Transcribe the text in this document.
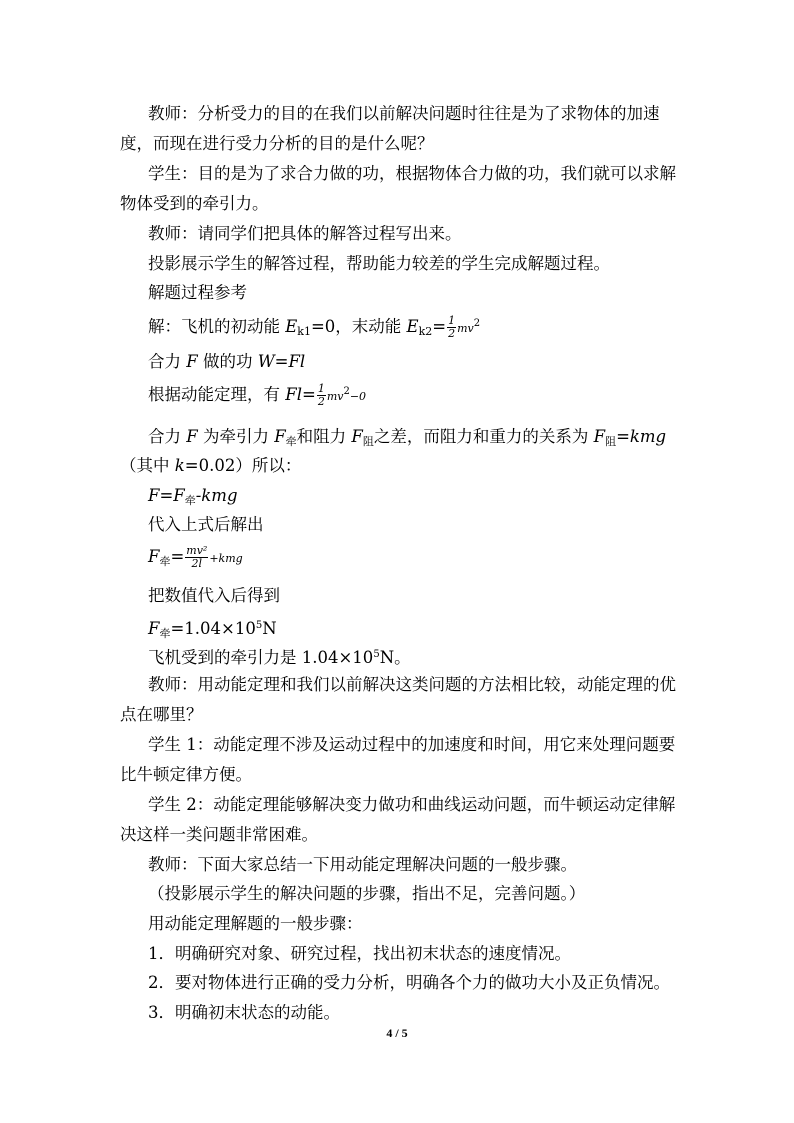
教师：分析受力的目的在我们以前解决问题时往往是为了求物体的加速
度，而现在进行受力分析的目的是什么呢？
学生：目的是为了求合力做的功，根据物体合力做的功，我们就可以求解
物体受到的牵引力。
教师：请同学们把具体的解答过程写出来。
投影展示学生的解答过程，帮助能力较差的学生完成解题过程。
解题过程参考
解：飞机的初动能 $E_{k1}=0$，末动能 $E_{k2}= \frac{1}{2} mv^2$
合力 F 做的功 W=Fl
根据动能定理，有 $Fl= \frac{1}{2} mv^2-0$
合力 F 为牵引力 $F_牵$和阻力 $F_阻$之差，而阻力和重力的关系为 $F_阻=kmg$
（其中 k=0.02）所以：
$F=F_牵$-kmg
代入上式后解出
$F_牵= \frac{\text{mv²}}{2l} +kmg$
把数值代入后得到
$F_牵=1.04\times 10^5N$
飞机受到的牵引力是 $1.04\times 10^5N$。
教师：用动能定理和我们以前解决这类问题的方法相比较，动能定理的优
点在哪里？
学生 1：动能定理不涉及运动过程中的加速度和时间，用它来处理问题要
比牛顿定律方便。
学生 2：动能定理能够解决变力做功和曲线运动问题，而牛顿运动定律解
决这样一类问题非常困难。
教师：下面大家总结一下用动能定理解决问题的一般步骤。
（投影展示学生的解决问题的步骤，指出不足，完善问题。）
用动能定理解题的一般步骤：
1．明确研究对象、研究过程，找出初末状态的速度情况。
2．要对物体进行正确的受力分析，明确各个力的做功大小及正负情况。
3．明确初末状态的动能。
4 / 5
